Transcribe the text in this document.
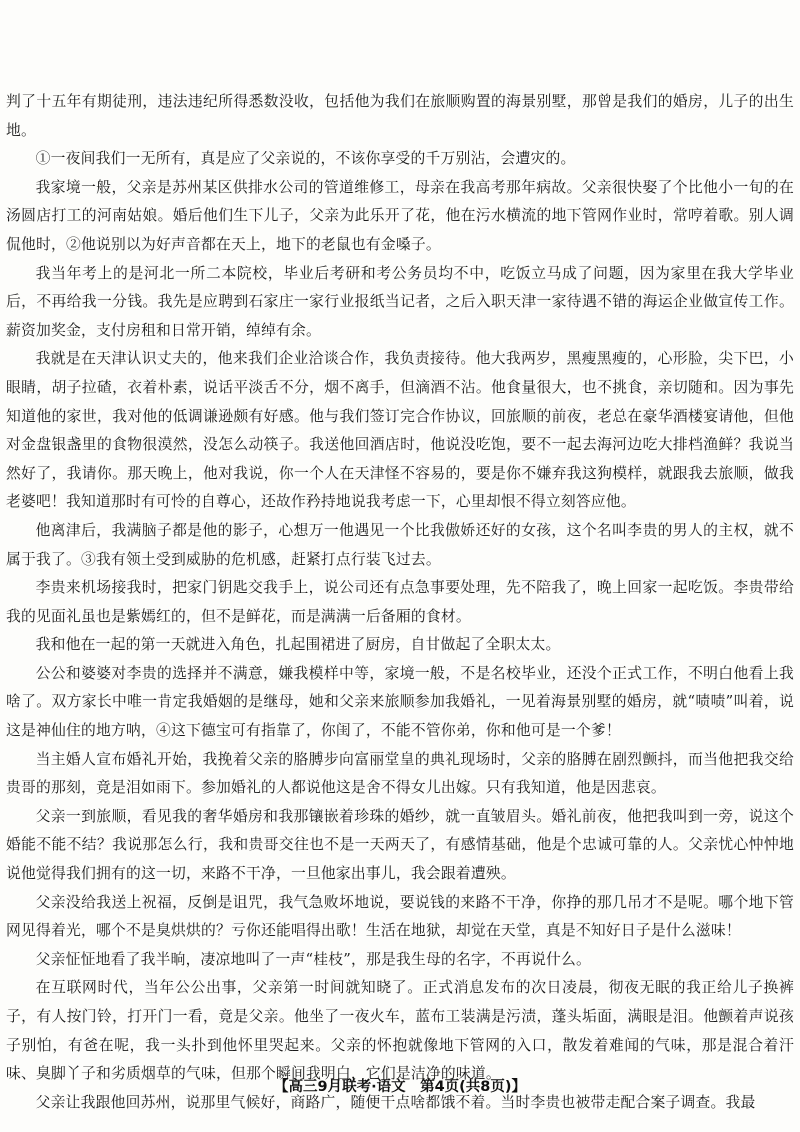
判了十五年有期徒刑，违法违纪所得悉数没收，包括他为我们在旅顺购置的海景别墅，那曾是我们的婚房，儿子的出生地。

①一夜间我们一无所有，真是应了父亲说的，不该你享受的千万别沾，会遭灾的。

我家境一般，父亲是苏州某区供排水公司的管道维修工，母亲在我高考那年病故。父亲很快娶了个比他小一旬的在汤圆店打工的河南姑娘。婚后他们生下儿子，父亲为此乐开了花，他在污水横流的地下管网作业时，常哼着歌。别人调侃他时，②他说别以为好声音都在天上，地下的老鼠也有金嗓子。

我当年考上的是河北一所二本院校，毕业后考研和考公务员均不中，吃饭立马成了问题，因为家里在我大学毕业后，不再给我一分钱。我先是应聘到石家庄一家行业报纸当记者，之后入职天津一家待遇不错的海运企业做宣传工作。薪资加奖金，支付房租和日常开销，绰绰有余。

我就是在天津认识丈夫的，他来我们企业洽谈合作，我负责接待。他大我两岁，黑瘦黑瘦的，心形脸，尖下巴，小眼睛，胡子拉碴，衣着朴素，说话平淡舌不分，烟不离手，但滴酒不沾。他食量很大，也不挑食，亲切随和。因为事先知道他的家世，我对他的低调谦逊颇有好感。他与我们签订完合作协议，回旅顺的前夜，老总在豪华酒楼宴请他，但他对金盘银盏里的食物很漠然，没怎么动筷子。我送他回酒店时，他说没吃饱，要不一起去海河边吃大排档渔鲜？我说当然好了，我请你。那天晚上，他对我说，你一个人在天津怪不容易的，要是你不嫌弃我这狗模样，就跟我去旅顺，做我老婆吧！我知道那时有可怜的自尊心，还故作矜持地说我考虑一下，心里却恨不得立刻答应他。

他离津后，我满脑子都是他的影子，心想万一他遇见一个比我傲娇还好的女孩，这个名叫李贵的男人的主权，就不属于我了。③我有领土受到威胁的危机感，赶紧打点行装飞过去。

李贵来机场接我时，把家门钥匙交我手上，说公司还有点急事要处理，先不陪我了，晚上回家一起吃饭。李贵带给我的见面礼虽也是紫嫣红的，但不是鲜花，而是满满一后备厢的食材。

我和他在一起的第一天就进入角色，扎起围裙进了厨房，自甘做起了全职太太。

公公和婆婆对李贵的选择并不满意，嫌我模样中等，家境一般，不是名校毕业，还没个正式工作，不明白他看上我啥了。双方家长中唯一肯定我婚姻的是继母，她和父亲来旅顺参加我婚礼，一见着海景别墅的婚房，就“啧啧”叫着，说这是神仙住的地方呐，④这下德宝可有指靠了，你闺了，不能不管你弟，你和他可是一个爹！

当主婚人宣布婚礼开始，我挽着父亲的胳膊步向富丽堂皇的典礼现场时，父亲的胳膊在剧烈颤抖，而当他把我交给贵哥的那刻，竟是泪如雨下。参加婚礼的人都说他这是舍不得女儿出嫁。只有我知道，他是因悲哀。

父亲一到旅顺，看见我的奢华婚房和我那镶嵌着珍珠的婚纱，就一直皱眉头。婚礼前夜，他把我叫到一旁，说这个婚能不能不结？我说那怎么行，我和贵哥交往也不是一天两天了，有感情基础，他是个忠诚可靠的人。父亲忧心忡忡地说他觉得我们拥有的这一切，来路不干净，一旦他家出事儿，我会跟着遭殃。

父亲没给我送上祝福，反倒是诅咒，我气急败坏地说，要说钱的来路不干净，你挣的那几吊才不是呢。哪个地下管网见得着光，哪个不是臭烘烘的？亏你还能唱得出歌！生活在地狱，却觉在天堂，真是不知好日子是什么滋味！

父亲怔怔地看了我半晌，凄凉地叫了一声“桂枝”，那是我生母的名字，不再说什么。

在互联网时代，当年公公出事，父亲第一时间就知晓了。正式消息发布的次日凌晨，彻夜无眠的我正给儿子换裤子，有人按门铃，打开门一看，竟是父亲。他坐了一夜火车，蓝布工装满是污渍，蓬头垢面，满眼是泪。他颤着声说孩子别怕，有爸在呢，我一头扑到他怀里哭起来。父亲的怀抱就像地下管网的入口，散发着难闻的气味，那是混合着汗味、臭脚丫子和劣质烟草的气味，但那个瞬间我明白，它们是洁净的味道。

父亲让我跟他回苏州，说那里气候好，商路广，随便干点啥都饿不着。当时李贵也被带走配合案子调查。我最

【高三9月联考·语文　第4页(共8页)】
